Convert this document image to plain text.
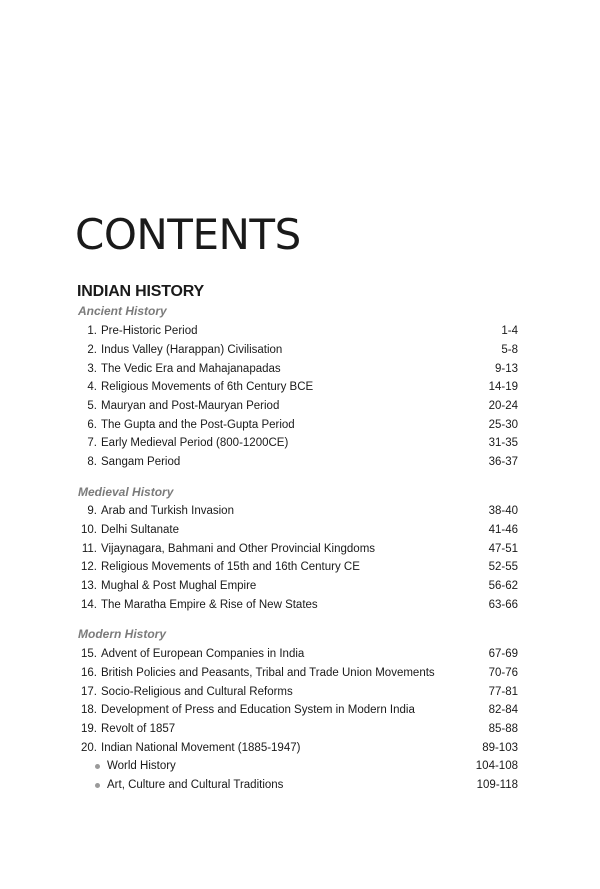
CONTENTS
INDIAN HISTORY
Ancient History
1. Pre-Historic Period	1-4
2. Indus Valley (Harappan) Civilisation	5-8
3. The Vedic Era and Mahajanapadas	9-13
4. Religious Movements of 6th Century BCE	14-19
5. Mauryan and Post-Mauryan Period	20-24
6. The Gupta and the Post-Gupta Period	25-30
7. Early Medieval Period (800-1200CE)	31-35
8. Sangam Period	36-37
Medieval History
9. Arab and Turkish Invasion	38-40
10. Delhi Sultanate	41-46
11. Vijaynagara, Bahmani and Other Provincial Kingdoms	47-51
12. Religious Movements of 15th and 16th Century CE	52-55
13. Mughal & Post Mughal Empire	56-62
14. The Maratha Empire & Rise of New States	63-66
Modern History
15. Advent of European Companies in India	67-69
16. British Policies and Peasants, Tribal and Trade Union Movements	70-76
17. Socio-Religious and Cultural Reforms	77-81
18. Development of Press and Education System in Modern India	82-84
19. Revolt of 1857	85-88
20. Indian National Movement (1885-1947)	89-103
World History	104-108
Art, Culture and Cultural Traditions	109-118
